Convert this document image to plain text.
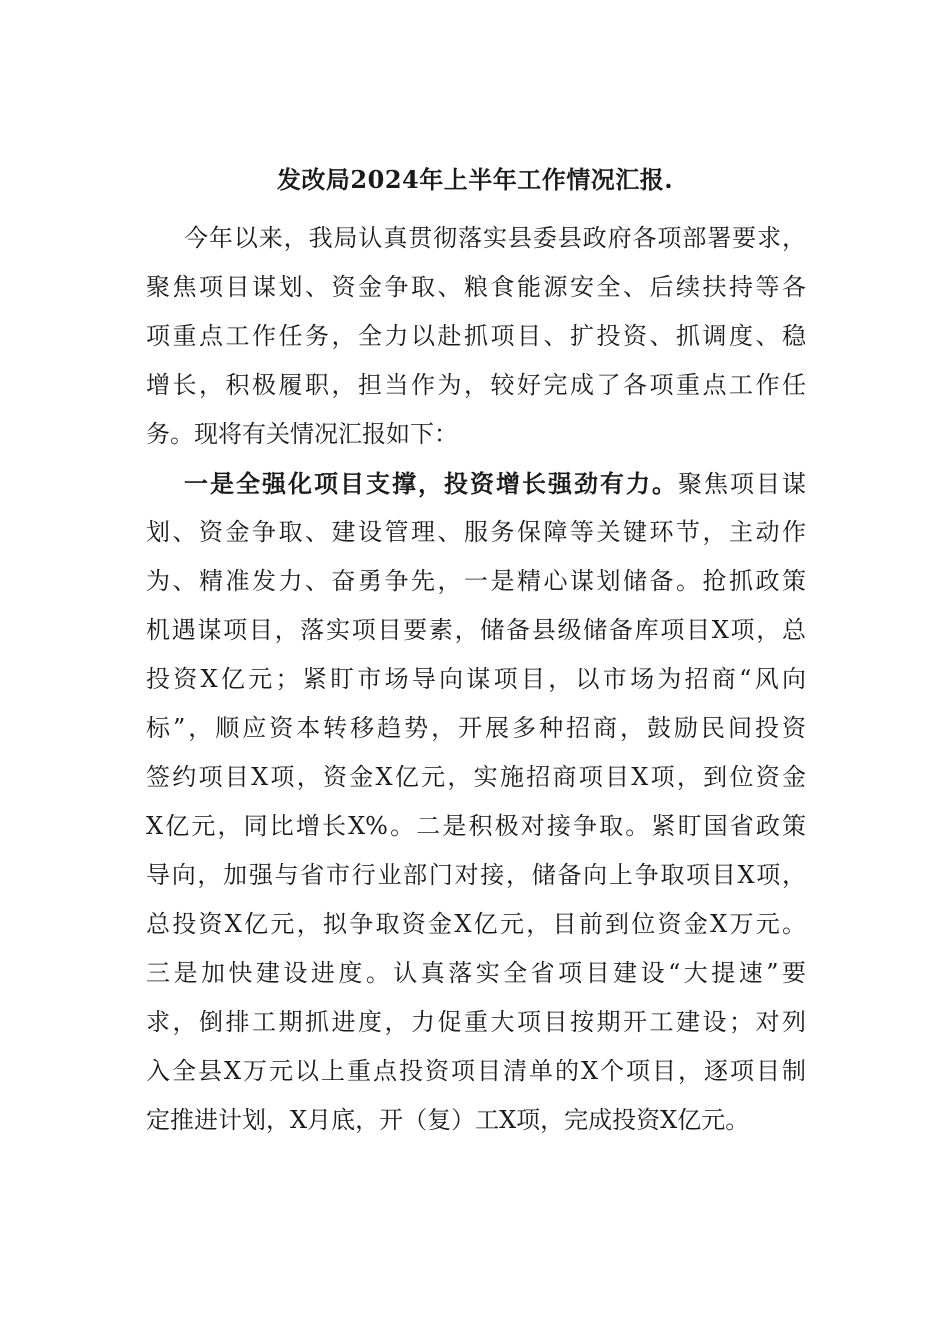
发改局2024年上半年工作情况汇报.
今年以来，我局认真贯彻落实县委县政府各项部署要求，
聚焦项目谋划、资金争取、粮食能源安全、后续扶持等各
项重点工作任务，全力以赴抓项目、扩投资、抓调度、稳
增长，积极履职，担当作为，较好完成了各项重点工作任
务。现将有关情况汇报如下：
一是全强化项目支撑，投资增长强劲有力。聚焦项目谋
划、资金争取、建设管理、服务保障等关键环节，主动作
为、精准发力、奋勇争先，一是精心谋划储备。抢抓政策
机遇谋项目，落实项目要素，储备县级储备库项目X项，总
投资X亿元；紧盯市场导向谋项目，以市场为招商“风向
标”，顺应资本转移趋势，开展多种招商，鼓励民间投资
签约项目X项，资金X亿元，实施招商项目X项，到位资金
X亿元，同比增长X%。二是积极对接争取。紧盯国省政策
导向，加强与省市行业部门对接，储备向上争取项目X项，
总投资X亿元，拟争取资金X亿元，目前到位资金X万元。
三是加快建设进度。认真落实全省项目建设“大提速”要
求，倒排工期抓进度，力促重大项目按期开工建设；对列
入全县X万元以上重点投资项目清单的X个项目，逐项目制
定推进计划，X月底，开（复）工X项，完成投资X亿元。
